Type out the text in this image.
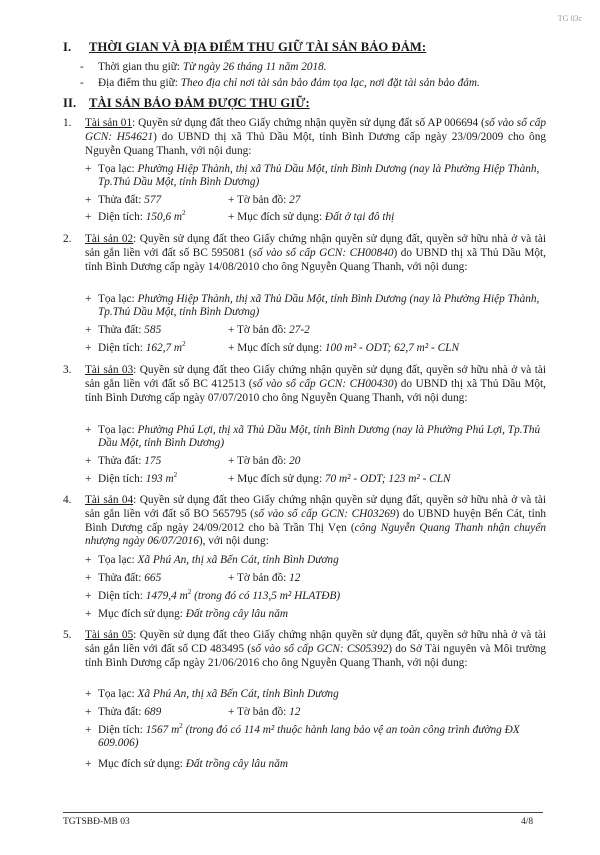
TG 03c
I. THỜI GIAN VÀ ĐỊA ĐIỂM THU GIỮ TÀI SẢN BẢO ĐẢM:
- Thời gian thu giữ: Từ ngày 26 tháng 11 năm 2018.
- Địa điểm thu giữ: Theo địa chỉ nơi tài sản bảo đảm tọa lạc, nơi đặt tài sản bảo đảm.
II. TÀI SẢN BẢO ĐẢM ĐƯỢC THU GIỮ:
1. Tài sản 01: Quyền sử dụng đất theo Giấy chứng nhận quyền sử dụng đất số AP 006694 (số vào sổ cấp GCN: H54621) do UBND thị xã Thủ Dầu Một, tỉnh Bình Dương cấp ngày 23/09/2009 cho ông Nguyễn Quang Thanh, với nội dung:
+ Tọa lạc: Phường Hiệp Thành, thị xã Thủ Dầu Một, tỉnh Bình Dương (nay là Phường Hiệp Thành, Tp.Thủ Dầu Một, tỉnh Bình Dương)
+ Thửa đất: 577	+ Tờ bản đồ: 27
+ Diện tích: 150,6 $m^2$	+ Mục đích sử dụng: Đất ở tại đô thị
2. Tài sản 02: Quyền sử dụng đất theo Giấy chứng nhận quyền sử dụng đất, quyền sở hữu nhà ở và tài sản gắn liền với đất số BC 595081 (số vào sổ cấp GCN: CH00840) do UBND thị xã Thủ Dầu Một, tỉnh Bình Dương cấp ngày 14/08/2010 cho ông Nguyễn Quang Thanh, với nội dung:
+ Tọa lạc: Phường Hiệp Thành, thị xã Thủ Dầu Một, tỉnh Bình Dương (nay là Phường Hiệp Thành, Tp.Thủ Dầu Một, tỉnh Bình Dương)
+ Thửa đất: 585	+ Tờ bản đồ: 27-2
+ Diện tích: 162,7 $m^2$	+ Mục đích sử dụng: 100 m² - ODT; 62,7 m² - CLN
3. Tài sản 03: Quyền sử dụng đất theo Giấy chứng nhận quyền sử dụng đất, quyền sở hữu nhà ở và tài sản gắn liền với đất số BC 412513 (số vào sổ cấp GCN: CH00430) do UBND thị xã Thủ Dầu Một, tỉnh Bình Dương cấp ngày 07/07/2010 cho ông Nguyễn Quang Thanh, với nội dung:
+ Tọa lạc: Phường Phú Lợi, thị xã Thủ Dầu Một, tỉnh Bình Dương (nay là Phường Phú Lợi, Tp.Thủ Dầu Một, tỉnh Bình Dương)
+ Thửa đất: 175	+ Tờ bản đồ: 20
+ Diện tích: 193 $m^2$	+ Mục đích sử dụng: 70 m² - ODT; 123 m² - CLN
4. Tài sản 04: Quyền sử dụng đất theo Giấy chứng nhận quyền sử dụng đất, quyền sở hữu nhà ở và tài sản gắn liền với đất số BO 565795 (số vào sổ cấp GCN: CH03269) do UBND huyện Bến Cát, tỉnh Bình Dương cấp ngày 24/09/2012 cho bà Trần Thị Vẹn (công Nguyễn Quang Thanh nhận chuyển nhượng ngày 06/07/2016), với nội dung:
+ Tọa lạc: Xã Phú An, thị xã Bến Cát, tỉnh Bình Dương
+ Thửa đất: 665	+ Tờ bản đồ: 12
+ Diện tích: 1479,4 $m^2$ (trong đó có 113,5 m² HLATĐB)
+ Mục đích sử dụng: Đất trồng cây lâu năm
5. Tài sản 05: Quyền sử dụng đất theo Giấy chứng nhận quyền sử dụng đất, quyền sở hữu nhà ở và tài sản gắn liền với đất số CD 483495 (số vào sổ cấp GCN: CS05392) do Sở Tài nguyên và Môi trường tỉnh Bình Dương cấp ngày 21/06/2016 cho ông Nguyễn Quang Thanh, với nội dung:
+ Tọa lạc: Xã Phú An, thị xã Bến Cát, tỉnh Bình Dương
+ Thửa đất: 689	+ Tờ bản đồ: 12
+ Diện tích: 1567 $m^2$ (trong đó có 114 m² thuộc hành lang bảo vệ an toàn công trình đường ĐX 609.006)
+ Mục đích sử dụng: Đất trồng cây lâu năm
TGTSBĐ-MB 03	4/8
